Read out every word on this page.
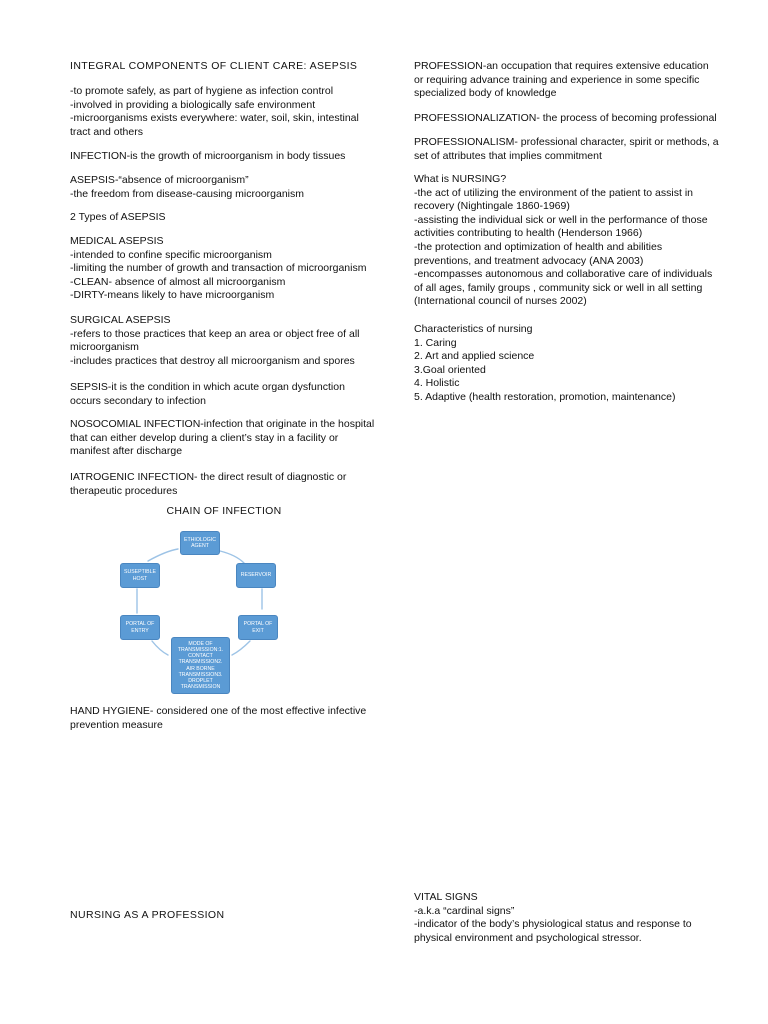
INTEGRAL COMPONENTS OF CLIENT CARE: ASEPSIS
-to promote safely, as part of hygiene as infection control
-involved in providing a biologically safe environment
-microorganisms exists everywhere: water, soil, skin, intestinal
tract and others
INFECTION-is the growth of microorganism in body tissues
ASEPSIS-“absence of microorganism”
-the freedom from disease-causing microorganism
2 Types of ASEPSIS
MEDICAL ASEPSIS
-intended to confine specific microorganism
-limiting the number of growth and transaction of microorganism
-CLEAN- absence of almost all microorganism
-DIRTY-means likely to have microorganism
SURGICAL ASEPSIS
-refers to those practices that keep an area or object free of all
microorganism
-includes practices that destroy all microorganism and spores
SEPSIS-it is the condition in which acute organ dysfunction
occurs secondary to infection
NOSOCOMIAL INFECTION-infection that originate in the hospital
that can either develop during a client’s stay in a facility or
manifest after discharge
IATROGENIC INFECTION- the direct result of diagnostic or
therapeutic procedures
HAND HYGIENE- considered one of the most effective infective
prevention measure
NURSING AS A PROFESSION
CHAIN OF INFECTION
ETHIOLOGIC
AGENT
RESERVOIR
PORTAL OF
EXIT
MODE OF
TRANSMISSION:1.
CONTACT
TRANSMISSION2.
AIR BORNE
TRANSMISSION3.
DROPLET
TRANSMISSION
PORTAL OF
ENTRY
SUSEPTIBLE
HOST
PROFESSION-an occupation that requires extensive education
or requiring advance training and experience in some specific
specialized body of knowledge
PROFESSIONALIZATION- the process of becoming professional
PROFESSIONALISM- professional character, spirit or methods, a
set of attributes that implies commitment
What is NURSING?
-the act of utilizing the environment of the patient to assist in
recovery (Nightingale 1860-1969)
-assisting the individual sick or well in the performance of those
activities contributing to health (Henderson 1966)
-the protection and optimization of health and abilities
preventions, and treatment advocacy (ANA 2003)
-encompasses autonomous and collaborative care of individuals
of all ages, family groups , community sick or well in all setting
(International council of nurses 2002)
Characteristics of nursing
1. Caring
2. Art and applied science
3.Goal oriented
4. Holistic
5. Adaptive (health restoration, promotion, maintenance)
VITAL SIGNS
-a.k.a “cardinal signs”
-indicator of the body’s physiological status and response to
physical environment and psychological stressor.
